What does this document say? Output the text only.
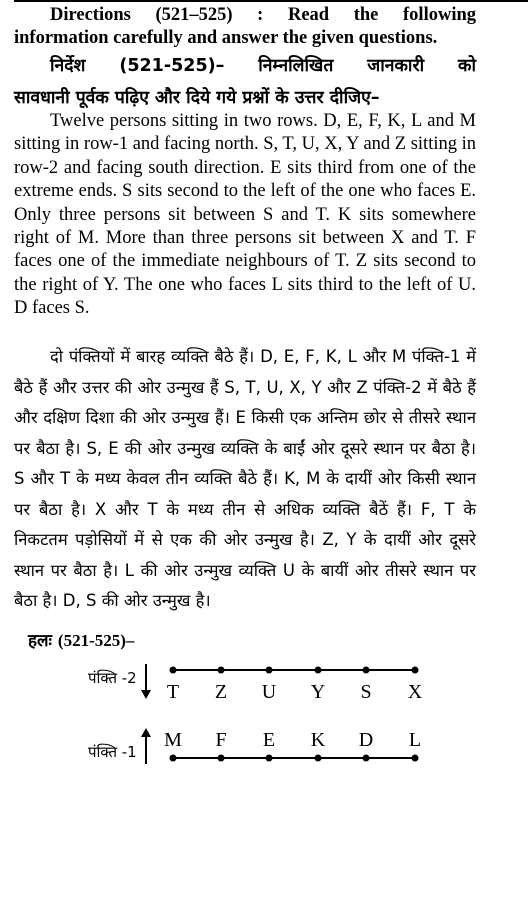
Directions (521–525) : Read the following
information carefully and answer the given questions.

निर्देश (521-525)– निम्नलिखित जानकारी को
सावधानी पूर्वक पढ़िए और दिये गये प्रश्नों के उत्तर दीजिए–

Twelve persons sitting in two rows. D, E, F, K, L and M sitting in row-1 and facing north. S, T, U, X, Y and Z sitting in row-2 and facing south direction. E sits third from one of the extreme ends. S sits second to the left of the one who faces E. Only three persons sit between S and T. K sits somewhere right of M. More than three persons sit between X and T. F faces one of the immediate neighbours of T. Z sits second to the right of Y. The one who faces L sits third to the left of U. D faces S.

दो पंक्तियों में बारह व्यक्ति बैठे हैं। D, E, F, K, L और M पंक्ति-1 में बैठे हैं और उत्तर की ओर उन्मुख हैं S, T, U, X, Y और Z पंक्ति-2 में बैठे हैं और दक्षिण दिशा की ओर उन्मुख हैं। E किसी एक अन्तिम छोर से तीसरे स्थान पर बैठा है। S, E की ओर उन्मुख व्यक्ति के बाईं ओर दूसरे स्थान पर बैठा है। S और T के मध्य केवल तीन व्यक्ति बैठे हैं। K, M के दायीं ओर किसी स्थान पर बैठा है। X और T के मध्य तीन से अधिक व्यक्ति बैठें हैं। F, T के निकटतम पड़ोसियों में से एक की ओर उन्मुख है। Z, Y के दायीं ओर दूसरे स्थान पर बैठा है। L की ओर उन्मुख व्यक्ति U के बायीं ओर तीसरे स्थान पर बैठा है। D, S की ओर उन्मुख है।

हलः (521-525)–
पंक्ति -2
पंक्ति -1
T Z U Y S X
M F E K D L
